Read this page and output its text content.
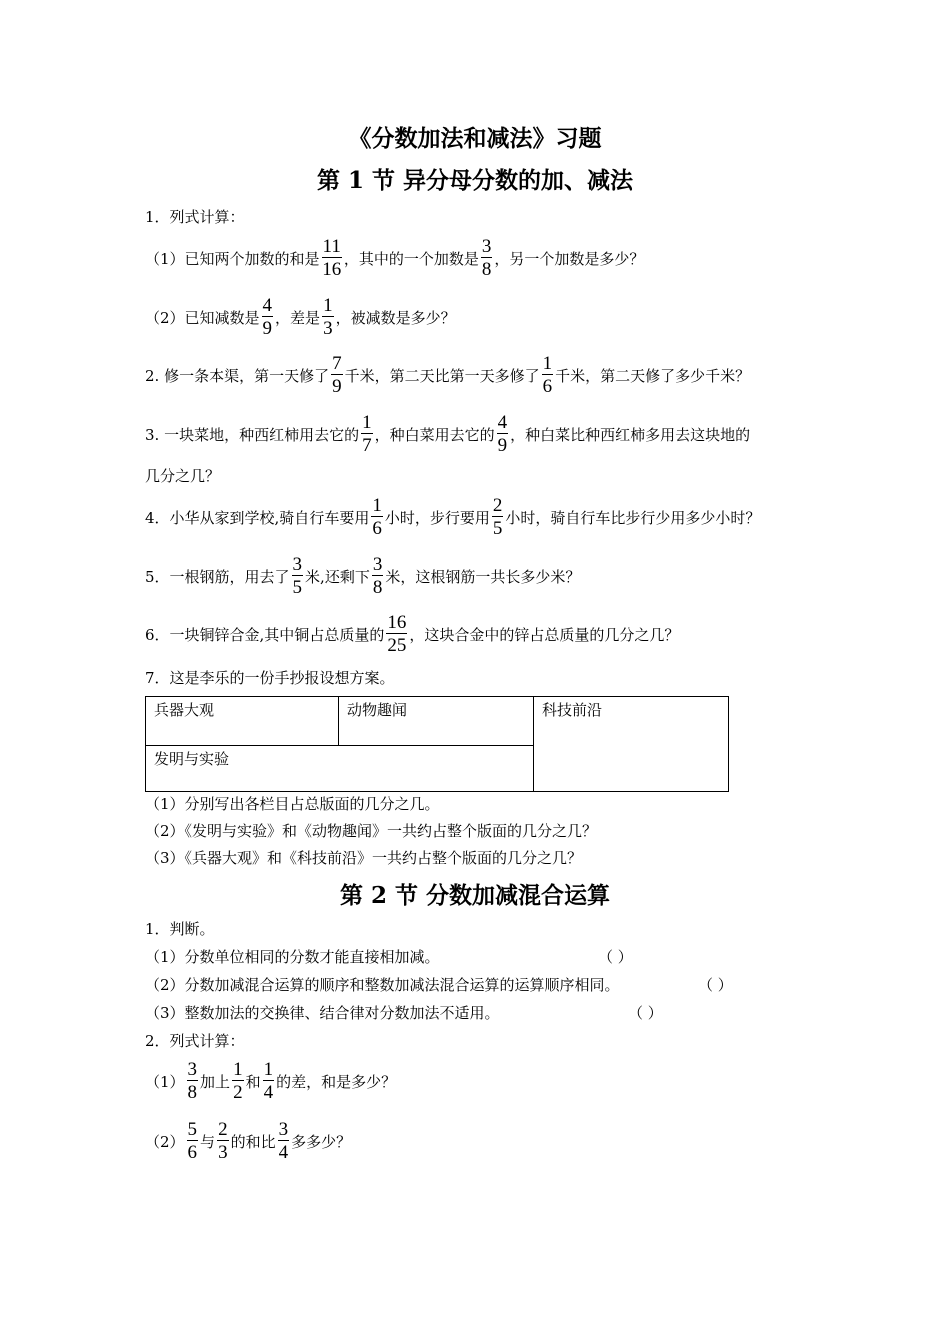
《分数加法和减法》习题
第 1 节 异分母分数的加、减法
1．列式计算：
（1）已知两个加数的和是 $\frac{11}{16}$ ，其中的一个加数是 $\frac{3}{8}$ ，另一个加数是多少？
（2）已知减数是 $\frac{4}{9}$ ，差是 $\frac{1}{3}$ ，被减数是多少？
2. 修一条本渠，第一天修了 $\frac{7}{9}$ 千米，第二天比第一天多修了 $\frac{1}{6}$ 千米，第二天修了多少千米？
3. 一块菜地，种西红柿用去它的 $\frac{1}{7}$ ，种白菜用去它的 $\frac{4}{9}$ ，种白菜比种西红柿多用去这块地的
几分之几？
4．小华从家到学校,骑自行车要用 $\frac{1}{6}$ 小时，步行要用 $\frac{2}{5}$ 小时，骑自行车比步行少用多少小时？
5．一根钢筋，用去了 $\frac{3}{5}$ 米,还剩下 $\frac{3}{8}$ 米，这根钢筋一共长多少米？
6．一块铜锌合金,其中铜占总质量的 $\frac{16}{25}$ ，这块合金中的锌占总质量的几分之几？
7．这是李乐的一份手抄报设想方案。
兵器大观	动物趣闻	科技前沿
发明与实验
（1）分别写出各栏目占总版面的几分之几。
（2）《发明与实验》和《动物趣闻》一共约占整个版面的几分之几？
（3）《兵器大观》和《科技前沿》一共约占整个版面的几分之几？
第 2 节 分数加减混合运算
1．判断。
（1）分数单位相同的分数才能直接相加减。	（ ）
（2）分数加减混合运算的顺序和整数加减法混合运算的运算顺序相同。	（ ）
（3）整数加法的交换律、结合律对分数加法不适用。	（ ）
2．列式计算：
$(1) \frac{3}{8}$ 加上 $\frac{1}{2}$ 和 $\frac{1}{4}$ 的差，和是多少？
$(2) \frac{5}{6}$ 与 $\frac{2}{3}$ 的和比 $\frac{3}{4}$ 多多少？
